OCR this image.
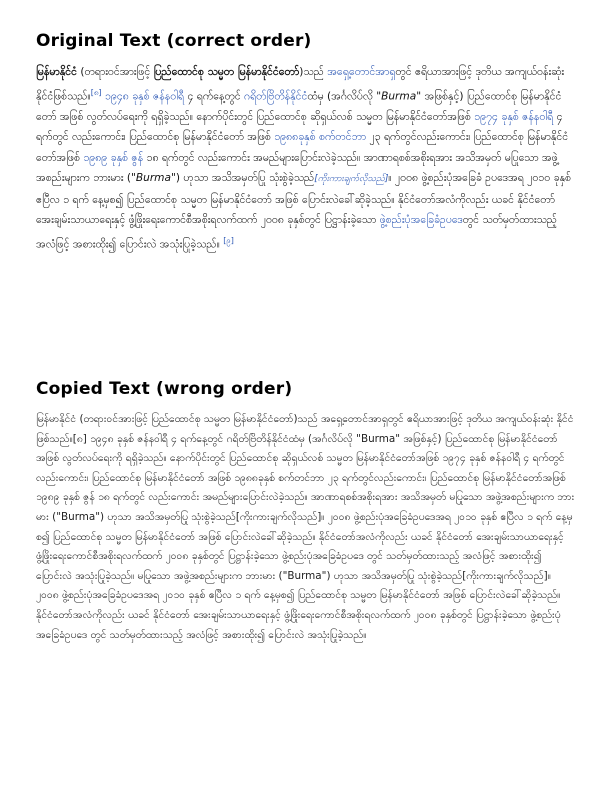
Original Text (correct order)
မြန်မာနိုင်ငံ (တရားဝင်အားဖြင့် ပြည်ထောင်စု သမ္မတ မြန်မာနိုင်ငံတော်)သည် အရှေ့တောင်အာရှတွင် ဧရိယာအားဖြင့် ဒုတိယ အကျယ်ဝန်းဆုံး နိုင်ငံဖြစ်သည်။[၈] ၁၉၄၈ ခုနှစ် ဇန်နဝါရီ ၄ ရက်နေ့တွင် ဂရိတ်ဗြိတိန်နိုင်ငံထံမှ (အင်္ဂလိပ်လို "Burma" အဖြစ်နှင့်) ပြည်ထောင်စု မြန်မာနိုင်ငံတော် အဖြစ် လွတ်လပ်ရေးကို ရရှိခဲ့သည်။ နောက်ပိုင်းတွင် ပြည်ထောင်စု ဆိုရှယ်လစ် သမ္မတ မြန်မာနိုင်ငံတော်အဖြစ် ၁၉၇၄ ခုနှစ် ဇန်နဝါရီ ၄ ရက်တွင် လည်းကောင်း၊ ပြည်ထောင်စု မြန်မာနိုင်ငံတော် အဖြစ် ၁၉၈၈ခုနှစ် စက်တင်ဘာ ၂၃ ရက်တွင်လည်းကောင်း၊ ပြည်ထောင်စု မြန်မာနိုင်ငံတော်အဖြစ် ၁၉၈၉ ခုနှစ် ဇွန် ၁၈ ရက်တွင် လည်းကောင်း အမည်များပြောင်းလဲခဲ့သည်။ အာဏာရစစ်အစိုးရအား အသိအမှတ် မပြုသော အဖွဲ့အစည်းများက ဘားမား ("Burma") ဟုသာ အသိအမှတ်ပြု သုံးစွဲခဲ့သည်[ကိုးကားချက်လိုသည်]။ ၂၀၀၈ ဖွဲ့စည်းပုံအခြေခံ ဥပဒေအရ ၂၀၁၀ ခုနှစ် ဧပြီလ ၁ ရက် နေ့မှစ၍ ပြည်ထောင်စု သမ္မတ မြန်မာနိုင်ငံတော် အဖြစ် ပြောင်းလဲခေါ်ဆိုခဲ့သည်။ နိုင်ငံတော်အလံကိုလည်း ယခင် နိုင်ငံတော် အေးချမ်းသာယာရေးနှင့် ဖွံ့ဖြိုးရေးကောင်စီအစိုးရလက်ထက် ၂၀၀၈ ခုနှစ်တွင် ပြဋ္ဌာန်းခဲ့သော ဖွဲ့စည်းပုံအခြေခံဥပဒေတွင် သတ်မှတ်ထားသည့် အလံဖြင့် အစားထိုး၍ ပြောင်းလဲ အသုံးပြုခဲ့သည်။ [၉]
Copied Text (wrong order)
မြန်မာနိုင်ငံ (တရားဝင်အားဖြင့် ပြည်ထောင်စု သမ္မတ မြန်မာနိုင်ငံတော်)သည် အရှေ့တောင်အာရှတွင် ဧရိယာအားဖြင့် ဒုတိယ အကျယ်ဝန်းဆုံး နိုင်ငံဖြစ်သည်။[၈] ၁၉၄၈ ခုနှစ် ဇန်နဝါရီ ၄ ရက်နေ့တွင် ဂရိတ်ဗြိတိန်နိုင်ငံထံမှ (အင်္ဂလိပ်လို "Burma" အဖြစ်နှင့်) ပြည်ထောင်စု မြန်မာနိုင်ငံတော် အဖြစ် လွတ်လပ်ရေးကို ရရှိခဲ့သည်။ နောက်ပိုင်းတွင် ပြည်ထောင်စု ဆိုရှယ်လစ် သမ္မတ မြန်မာနိုင်ငံတော်အဖြစ် ၁၉၇၄ ခုနှစ် ဇန်နဝါရီ ၄ ရက်တွင် လည်းကောင်း၊ ပြည်ထောင်စု မြန်မာနိုင်ငံတော် အဖြစ် ၁၉၈၈ခုနှစ် စက်တင်ဘာ ၂၃ ရက်တွင်လည်းကောင်း၊ ပြည်ထောင်စု မြန်မာနိုင်ငံတော်အဖြစ် ၁၉၈၉ ခုနှစ် ဇွန် ၁၈ ရက်တွင် လည်းကောင်း အမည်များပြောင်းလဲခဲ့သည်။ အာဏာရစစ်အစိုးရအား အသိအမှတ် မပြုသော အဖွဲ့အစည်းများက ဘားမား ("Burma") ဟုသာ အသိအမှတ်ပြု သုံးစွဲခဲ့သည်[ကိုးကားချက်လိုသည်]။ ၂၀၀၈ ဖွဲ့စည်းပုံအခြေခံဥပဒေအရ ၂၀၁၀ ခုနှစ် ဧပြီလ ၁ ရက် နေ့မှစ၍ ပြည်ထောင်စု သမ္မတ မြန်မာနိုင်ငံတော် အဖြစ် ပြောင်းလဲခေါ်ဆိုခဲ့သည်။ နိုင်ငံတော်အလံကိုလည်း ယခင် နိုင်ငံတော် အေးချမ်းသာယာရေးနှင့် ဖွံ့ဖြိုးရေးကောင်စီအစိုးရလက်ထက် ၂၀၀၈ ခုနှစ်တွင် ပြဋ္ဌာန်းခဲ့သော ဖွဲ့စည်းပုံအခြေခံဥပဒေ တွင် သတ်မှတ်ထားသည့် အလံဖြင့် အစားထိုး၍ ပြောင်းလဲ အသုံးပြုခဲ့သည်။ မပြုသော အဖွဲ့အစည်းများက ဘားမား ("Burma") ဟုသာ အသိအမှတ်ပြု သုံးစွဲခဲ့သည်[ကိုးကားချက်လိုသည်]။ ၂၀၀၈ ဖွဲ့စည်းပုံအခြေခံဥပဒေအရ ၂၀၁၀ ခုနှစ် ဧပြီလ ၁ ရက် နေ့မှစ၍ ပြည်ထောင်စု သမ္မတ မြန်မာနိုင်ငံတော် အဖြစ် ပြောင်းလဲခေါ်ဆိုခဲ့သည်။ နိုင်ငံတော်အလံကိုလည်း ယခင် နိုင်ငံတော် အေးချမ်းသာယာရေးနှင့် ဖွံ့ဖြိုးရေးကောင်စီအစိုးရလက်ထက် ၂၀၀၈ ခုနှစ်တွင် ပြဋ္ဌာန်းခဲ့သော ဖွဲ့စည်းပုံအခြေခံဥပဒေ တွင် သတ်မှတ်ထားသည့် အလံဖြင့် အစားထိုး၍ ပြောင်းလဲ အသုံးပြုခဲ့သည်။
